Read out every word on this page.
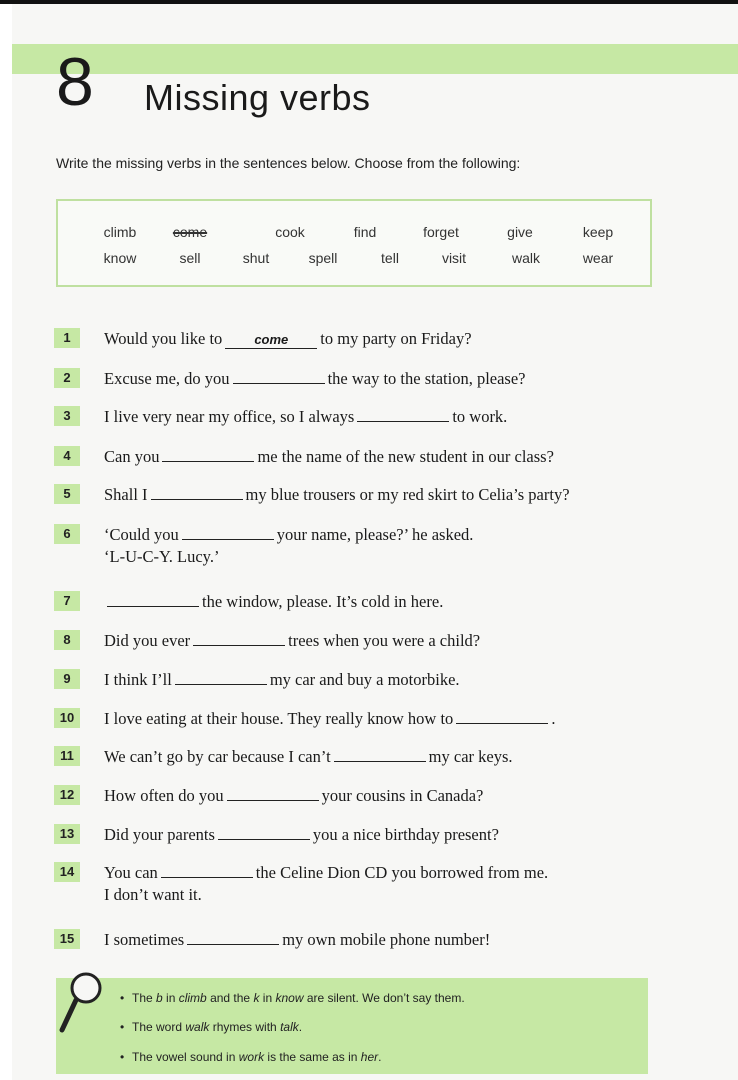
8 Missing verbs
Write the missing verbs in the sentences below. Choose from the following:
climb	come	cook	find	forget	give	keep
know	sell	shut	spell	tell	visit	walk	wear
1	Would you like to come to my party on Friday?
2	Excuse me, do you	the way to the station, please?
3	I live very near my office, so I always	to work.
4	Can you	me the name of the new student in our class?
5	Shall I	my blue trousers or my red skirt to Celia’s party?
6	‘Could you	your name, please?’ he asked.
‘L-U-C-Y. Lucy.’
7	the window, please. It’s cold in here.
8	Did you ever	trees when you were a child?
9	I think I’ll	my car and buy a motorbike.
10	I love eating at their house. They really know how to	.
11	We can’t go by car because I can’t	my car keys.
12	How often do you	your cousins in Canada?
13	Did your parents	you a nice birthday present?
14	You can	the Celine Dion CD you borrowed from me.
I don’t want it.
15	I sometimes	my own mobile phone number!
• The b in climb and the k in know are silent. We don’t say them.
• The word walk rhymes with talk.
• The vowel sound in work is the same as in her.
